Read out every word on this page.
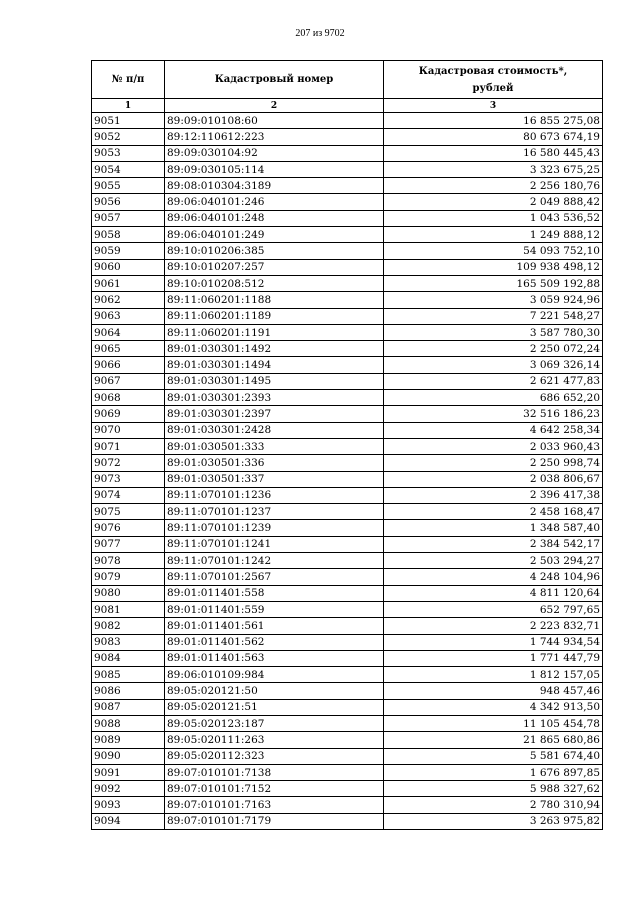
207 из 9702
№ п/п	Кадастровый номер	Кадастровая стоимость*,
рублей
1	2	3
9051	89:09:010108:60	16 855 275,08
9052	89:12:110612:223	80 673 674,19
9053	89:09:030104:92	16 580 445,43
9054	89:09:030105:114	3 323 675,25
9055	89:08:010304:3189	2 256 180,76
9056	89:06:040101:246	2 049 888,42
9057	89:06:040101:248	1 043 536,52
9058	89:06:040101:249	1 249 888,12
9059	89:10:010206:385	54 093 752,10
9060	89:10:010207:257	109 938 498,12
9061	89:10:010208:512	165 509 192,88
9062	89:11:060201:1188	3 059 924,96
9063	89:11:060201:1189	7 221 548,27
9064	89:11:060201:1191	3 587 780,30
9065	89:01:030301:1492	2 250 072,24
9066	89:01:030301:1494	3 069 326,14
9067	89:01:030301:1495	2 621 477,83
9068	89:01:030301:2393	686 652,20
9069	89:01:030301:2397	32 516 186,23
9070	89:01:030301:2428	4 642 258,34
9071	89:01:030501:333	2 033 960,43
9072	89:01:030501:336	2 250 998,74
9073	89:01:030501:337	2 038 806,67
9074	89:11:070101:1236	2 396 417,38
9075	89:11:070101:1237	2 458 168,47
9076	89:11:070101:1239	1 348 587,40
9077	89:11:070101:1241	2 384 542,17
9078	89:11:070101:1242	2 503 294,27
9079	89:11:070101:2567	4 248 104,96
9080	89:01:011401:558	4 811 120,64
9081	89:01:011401:559	652 797,65
9082	89:01:011401:561	2 223 832,71
9083	89:01:011401:562	1 744 934,54
9084	89:01:011401:563	1 771 447,79
9085	89:06:010109:984	1 812 157,05
9086	89:05:020121:50	948 457,46
9087	89:05:020121:51	4 342 913,50
9088	89:05:020123:187	11 105 454,78
9089	89:05:020111:263	21 865 680,86
9090	89:05:020112:323	5 581 674,40
9091	89:07:010101:7138	1 676 897,85
9092	89:07:010101:7152	5 988 327,62
9093	89:07:010101:7163	2 780 310,94
9094	89:07:010101:7179	3 263 975,82
